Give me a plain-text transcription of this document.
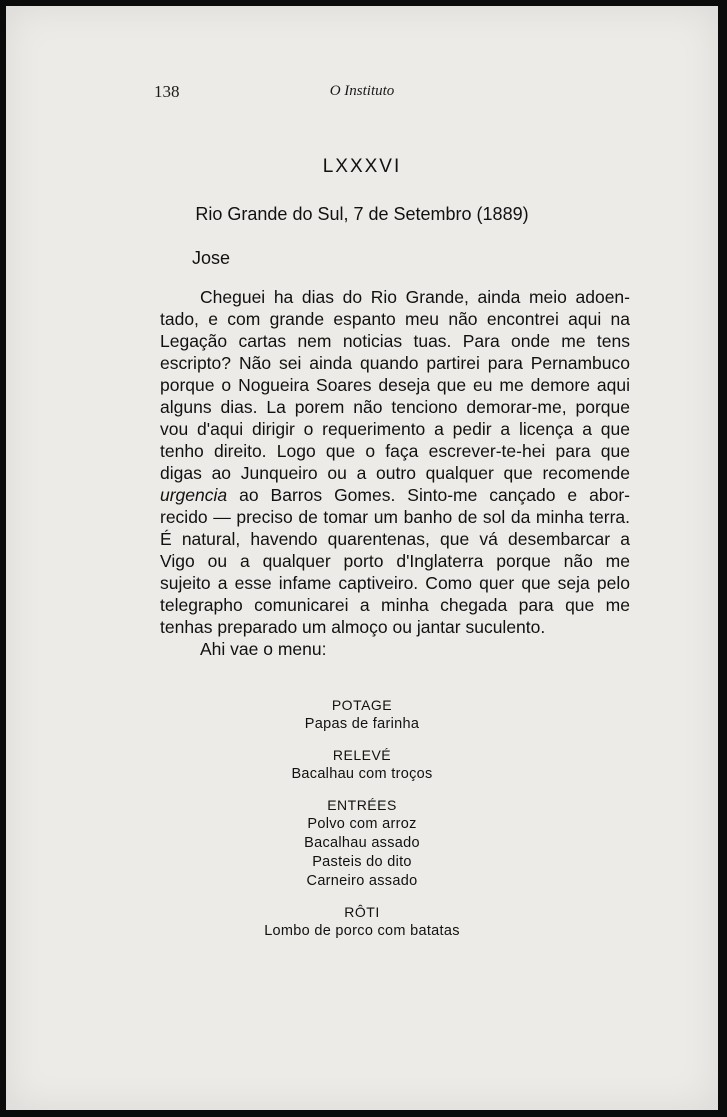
138	O Instituto
LXXXVI
Rio Grande do Sul, 7 de Setembro (1889)
Jose
Cheguei ha dias do Rio Grande, ainda meio adoen-
tado, e com grande espanto meu não encontrei aqui na
Legação cartas nem noticias tuas. Para onde me tens
escripto? Não sei ainda quando partirei para Pernambuco
porque o Nogueira Soares deseja que eu me demore aqui
alguns dias. La porem não tenciono demorar-me, porque
vou d'aqui dirigir o requerimento a pedir a licença a que
tenho direito. Logo que o faça escrever-te-hei para que
digas ao Junqueiro ou a outro qualquer que recomende
urgencia ao Barros Gomes. Sinto-me cançado e abor-
recido — preciso de tomar um banho de sol da minha terra.
É natural, havendo quarentenas, que vá desembarcar a
Vigo ou a qualquer porto d'Inglaterra porque não me
sujeito a esse infame captiveiro. Como quer que seja pelo
telegrapho comunicarei a minha chegada para que me
tenhas preparado um almoço ou jantar suculento.
Ahi vae o menu:
POTAGE
Papas de farinha
RELEVÉ
Bacalhau com troços
ENTRÉES
Polvo com arroz
Bacalhau assado
Pasteis do dito
Carneiro assado
RÔTI
Lombo de porco com batatas
